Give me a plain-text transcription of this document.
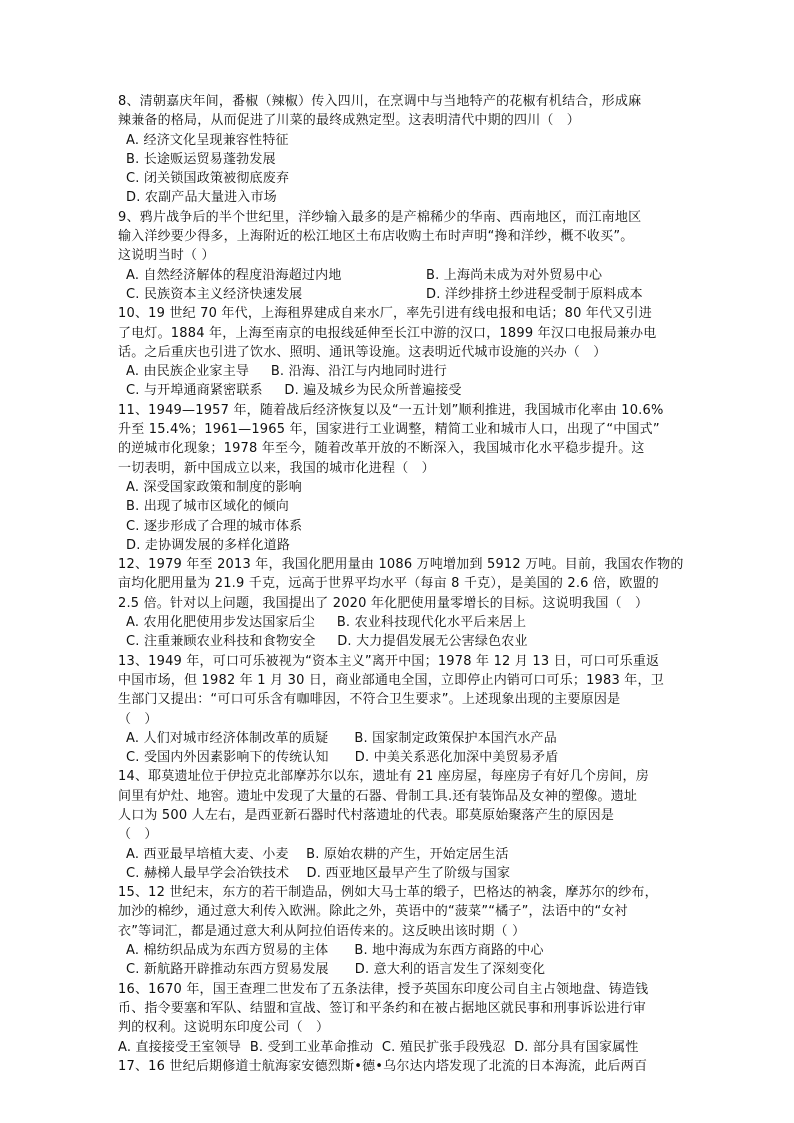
8、清朝嘉庆年间，番椒（辣椒）传入四川，在烹调中与当地特产的花椒有机结合，形成麻
辣兼备的格局，从而促进了川菜的最终成熟定型。这表明清代中期的四川（　）
A. 经济文化呈现兼容性特征
B. 长途贩运贸易蓬勃发展
C. 闭关锁国政策被彻底废弃
D. 农副产品大量进入市场
9、鸦片战争后的半个世纪里，洋纱输入最多的是产棉稀少的华南、西南地区，而江南地区
输入洋纱要少得多，上海附近的松江地区土布店收购土布时声明“搀和洋纱，概不收买”。
这说明当时（ ）
A. 自然经济解体的程度沿海超过内地	B. 上海尚未成为对外贸易中心
C. 民族资本主义经济快速发展	D. 洋纱排挤土纱进程受制于原料成本
10、19 世纪 70 年代，上海租界建成自来水厂，率先引进有线电报和电话；80 年代又引进
了电灯。1884 年，上海至南京的电报线延伸至长江中游的汉口，1899 年汉口电报局兼办电
话。之后重庆也引进了饮水、照明、通讯等设施。这表明近代城市设施的兴办（　）
A. 由民族企业家主导 B. 沿海、沿江与内地同时进行
C. 与开埠通商紧密联系 D. 遍及城乡为民众所普遍接受
11、1949—1957 年，随着战后经济恢复以及“一五计划”顺利推进，我国城市化率由 10.6%
升至 15.4%；1961—1965 年，国家进行工业调整，精简工业和城市人口，出现了“中国式”
的逆城市化现象；1978 年至今，随着改革开放的不断深入，我国城市化水平稳步提升。这
一切表明，新中国成立以来，我国的城市化进程（　）
A. 深受国家政策和制度的影响
B. 出现了城市区域化的倾向
C. 逐步形成了合理的城市体系
D. 走协调发展的多样化道路
12、1979 年至 2013 年，我国化肥用量由 1086 万吨增加到 5912 万吨。目前，我国农作物的
亩均化肥用量为 21.9 千克，远高于世界平均水平（每亩 8 千克），是美国的 2.6 倍，欧盟的
2.5 倍。针对以上问题，我国提出了 2020 年化肥使用量零增长的目标。这说明我国（　）
A. 农用化肥使用步发达国家后尘 B. 农业科技现代化水平后来居上
C. 注重兼顾农业科技和食物安全 D. 大力提倡发展无公害绿色农业
13、1949 年，可口可乐被视为“资本主义”离开中国；1978 年 12 月 13 日，可口可乐重返
中国市场，但 1982 年 1 月 30 日，商业部通电全国，立即停止内销可口可乐；1983 年，卫
生部门又提出：“可口可乐含有咖啡因，不符合卫生要求”。上述现象出现的主要原因是
（　）
A. 人们对城市经济体制改革的质疑 B. 国家制定政策保护本国汽水产品
C. 受国内外因素影响下的传统认知 D. 中美关系恶化加深中美贸易矛盾
14、耶莫遗址位于伊拉克北部摩苏尔以东，遗址有 21 座房屋，每座房子有好几个房间，房
间里有炉灶、地窖。遗址中发现了大量的石器、骨制工具.还有装饰品及女神的塑像。遗址
人口为 500 人左右，是西亚新石器时代村落遗址的代表。耶莫原始聚落产生的原因是
（　）
A. 西亚最早培植大麦、小麦 B. 原始农耕的产生，开始定居生活
C. 赫梯人最早学会冶铁技术 D. 西亚地区最早产生了阶级与国家
15、12 世纪末，东方的若干制造品，例如大马士革的缎子，巴格达的衲衾，摩苏尔的纱布，
加沙的棉纱，通过意大利传入欧洲。除此之外，英语中的“菠菜”“橘子”，法语中的“女衬
衣”等词汇，都是通过意大利从阿拉伯语传来的。这反映出该时期（ ）
A. 棉纺织品成为东西方贸易的主体 B. 地中海成为东西方商路的中心
C. 新航路开辟推动东西方贸易发展 D. 意大利的语言发生了深刻变化
16、1670 年，国王查理二世发布了五条法律，授予英国东印度公司自主占领地盘、铸造钱
币、指令要塞和军队、结盟和宣战、签订和平条约和在被占据地区就民事和刑事诉讼进行审
判的权利。这说明东印度公司（　）
A. 直接接受王室领导 B. 受到工业革命推动 C. 殖民扩张手段残忍 D. 部分具有国家属性
17、16 世纪后期修道士航海家安德烈斯•德•乌尔达内塔发现了北流的日本海流，此后两百
